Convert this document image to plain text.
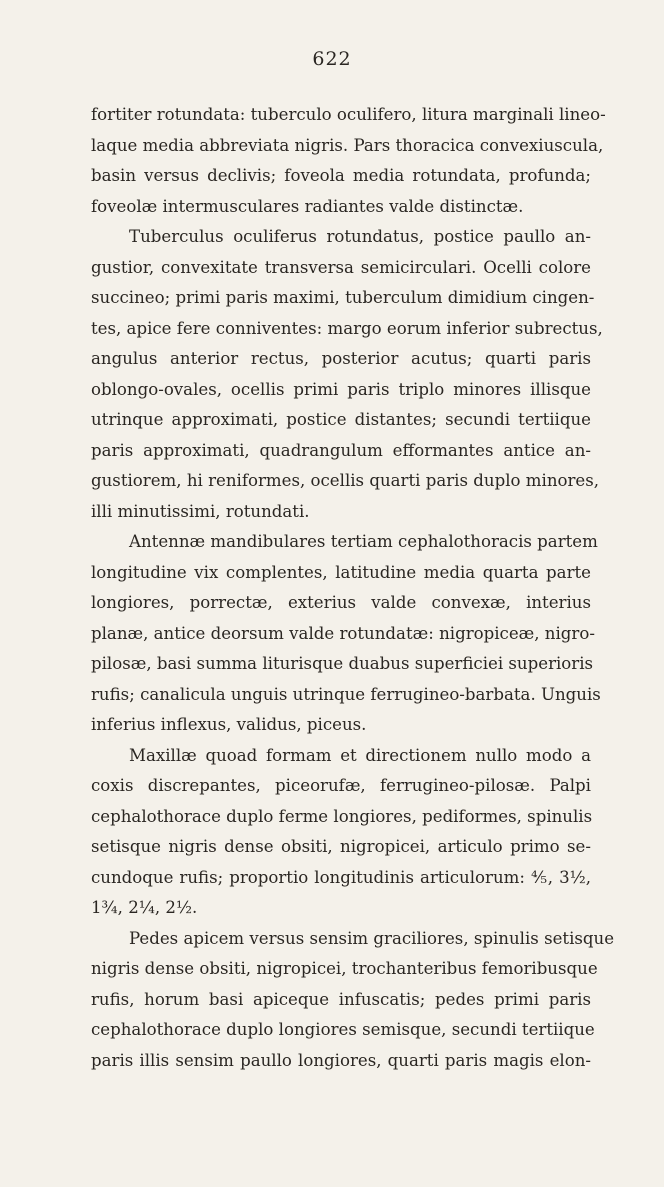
622
fortiter rotundata: tuberculo oculifero, litura marginali lineo-
laque media abbreviata nigris. Pars thoracica convexiuscula,
basin versus declivis; foveola media rotundata, profunda;
foveolæ intermusculares radiantes valde distinctæ.
Tuberculus oculiferus rotundatus, postice paullo an-
gustior, convexitate transversa semicirculari. Ocelli colore
succineo; primi paris maximi, tuberculum dimidium cingen-
tes, apice fere conniventes: margo eorum inferior subrectus,
angulus anterior rectus, posterior acutus; quarti paris
oblongo-ovales, ocellis primi paris triplo minores illisque
utrinque approximati, postice distantes; secundi tertiique
paris approximati, quadrangulum efformantes antice an-
gustiorem, hi reniformes, ocellis quarti paris duplo minores,
illi minutissimi, rotundati.
Antennæ mandibulares tertiam cephalothoracis partem
longitudine vix complentes, latitudine media quarta parte
longiores, porrectæ, exterius valde convexæ, interius
planæ, antice deorsum valde rotundatæ: nigropiceæ, nigro-
pilosæ, basi summa liturisque duabus superficiei superioris
rufis; canalicula unguis utrinque ferrugineo-barbata. Unguis
inferius inflexus, validus, piceus.
Maxillæ quoad formam et directionem nullo modo a
coxis discrepantes, piceorufæ, ferrugineo-pilosæ. Palpi
cephalothorace duplo ferme longiores, pediformes, spinulis
setisque nigris dense obsiti, nigropicei, articulo primo se-
cundoque rufis; proportio longitudinis articulorum: ⅘, 3½,
1¾, 2¼, 2½.
Pedes apicem versus sensim graciliores, spinulis setisque
nigris dense obsiti, nigropicei, trochanteribus femoribusque
rufis, horum basi apiceque infuscatis; pedes primi paris
cephalothorace duplo longiores semisque, secundi tertiique
paris illis sensim paullo longiores, quarti paris magis elon-
